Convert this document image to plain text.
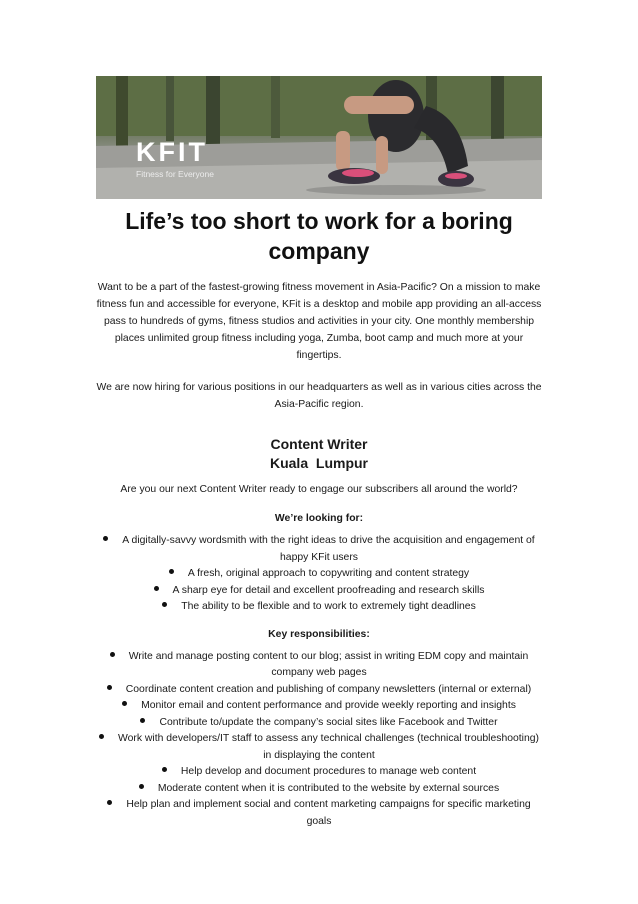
KFIT
Fitness for Everyone
Life’s too short to work for a boring
company

Want to be a part of the fastest-growing fitness movement in Asia-Pacific? On a mission to make fitness fun and accessible for everyone, KFit is a desktop and mobile app providing an all-access pass to hundreds of gyms, fitness studios and activities in your city. One monthly membership places unlimited group fitness including yoga, Zumba, boot camp and much more at your fingertips.

We are now hiring for various positions in our headquarters as well as in various cities across the Asia-Pacific region.

Content Writer
Kuala  Lumpur

Are you our next Content Writer ready to engage our subscribers all around the world?

We’re looking for:
A digitally-savvy wordsmith with the right ideas to drive the acquisition and engagement of happy KFit users
A fresh, original approach to copywriting and content strategy
A sharp eye for detail and excellent proofreading and research skills
The ability to be flexible and to work to extremely tight deadlines
Key responsibilities:
Write and manage posting content to our blog; assist in writing EDM copy and maintain company web pages
Coordinate content creation and publishing of company newsletters (internal or external)
Monitor email and content performance and provide weekly reporting and insights
Contribute to/update the company’s social sites like Facebook and Twitter
Work with developers/IT staff to assess any technical challenges (technical troubleshooting) in displaying the content
Help develop and document procedures to manage web content
Moderate content when it is contributed to the website by external sources
Help plan and implement social and content marketing campaigns for specific marketing goals
